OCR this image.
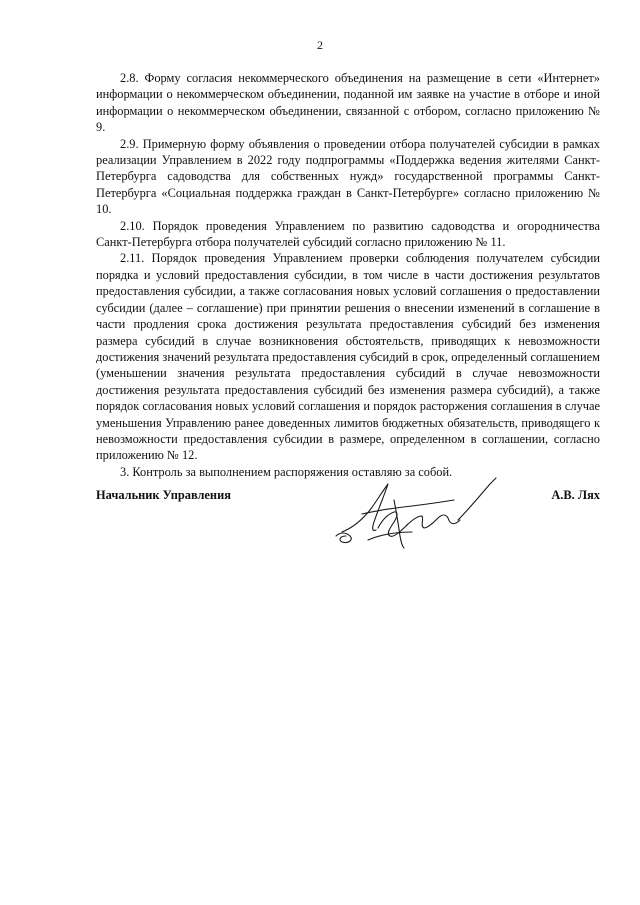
2

2.8. Форму согласия некоммерческого объединения на размещение в сети «Интернет» информации о некоммерческом объединении, поданной им заявке на участие в отборе и иной информации о некоммерческом объединении, связанной с отбором, согласно приложению № 9.

2.9. Примерную форму объявления о проведении отбора получателей субсидии в рамках реализации Управлением в 2022 году подпрограммы «Поддержка ведения жителями Санкт-Петербурга садоводства для собственных нужд» государственной программы Санкт-Петербурга «Социальная поддержка граждан в Санкт-Петербурге» согласно приложению № 10.

2.10. Порядок проведения Управлением по развитию садоводства и огородничества Санкт-Петербурга отбора получателей субсидий согласно приложению № 11.

2.11. Порядок проведения Управлением проверки соблюдения получателем субсидии порядка и условий предоставления субсидии, в том числе в части достижения результатов предоставления субсидии, а также согласования новых условий соглашения о предоставлении субсидии (далее – соглашение) при принятии решения о внесении изменений в соглашение в части продления срока достижения результата предоставления субсидий без изменения размера субсидий в случае возникновения обстоятельств, приводящих к невозможности достижения значений результата предоставления субсидий в срок, определенный соглашением (уменьшении значения результата предоставления субсидий в случае невозможности достижения результата предоставления субсидий без изменения размера субсидий), а также порядок согласования новых условий соглашения и порядок расторжения соглашения в случае уменьшения Управлению ранее доведенных лимитов бюджетных обязательств, приводящего к невозможности предоставления субсидии в размере, определенном в соглашении, согласно приложению № 12.

3. Контроль за выполнением распоряжения оставляю за собой.

Начальник Управления	А.В. Лях
